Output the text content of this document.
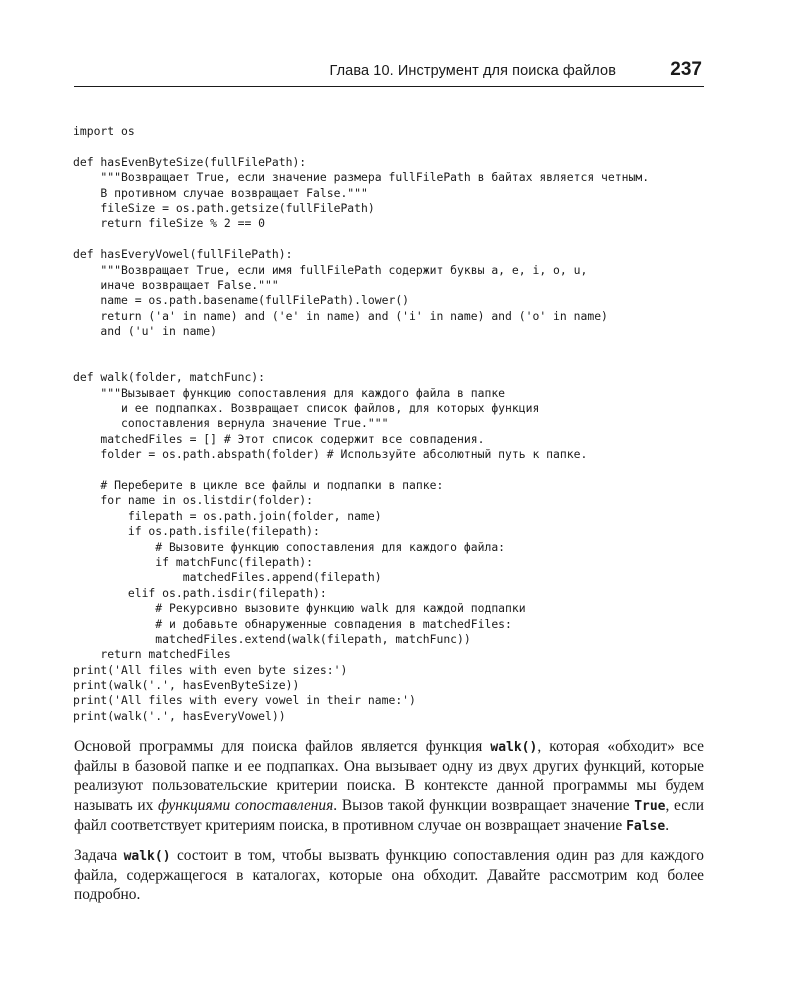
Глава 10. Инструмент для поиска файлов	237
import os
def hasEvenByteSize(fullFilePath):
"""Возвращает True, если значение размера fullFilePath в байтах является четным.
В противном случае возвращает False."""
fileSize = os.path.getsize(fullFilePath)
return fileSize % 2 == 0
def hasEveryVowel(fullFilePath):
"""Возвращает True, если имя fullFilePath содержит буквы a, e, i, o, u,
иначе возвращает False."""
name = os.path.basename(fullFilePath).lower()
return ('a' in name) and ('e' in name) and ('i' in name) and ('o' in name)
and ('u' in name)
def walk(folder, matchFunc):
"""Вызывает функцию сопоставления для каждого файла в папке
и ее подпапках. Возвращает список файлов, для которых функция
сопоставления вернула значение True."""
matchedFiles = [] # Этот список содержит все совпадения.
folder = os.path.abspath(folder) # Используйте абсолютный путь к папке.
# Переберите в цикле все файлы и подпапки в папке:
for name in os.listdir(folder):
filepath = os.path.join(folder, name)
if os.path.isfile(filepath):
# Вызовите функцию сопоставления для каждого файла:
if matchFunc(filepath):
matchedFiles.append(filepath)
elif os.path.isdir(filepath):
# Рекурсивно вызовите функцию walk для каждой подпапки
# и добавьте обнаруженные совпадения в matchedFiles:
matchedFiles.extend(walk(filepath, matchFunc))
return matchedFiles
print('All files with even byte sizes:')
print(walk('.', hasEvenByteSize))
print('All files with every vowel in their name:')
print(walk('.', hasEveryVowel))

Основой программы для поиска файлов является функция walk(), которая «обходит» все файлы в базовой папке и ее подпапках. Она вызывает одну из двух других функций, которые реализуют пользовательские критерии поиска. В контексте данной программы мы будем называть их функциями сопоставления. Вызов такой функции возвращает значение True, если файл соответствует критериям поиска, в противном случае он возвращает значение False.

Задача walk() состоит в том, чтобы вызвать функцию сопоставления один раз для каждого файла, содержащегося в каталогах, которые она обходит. Давайте рассмотрим код более подробно.
